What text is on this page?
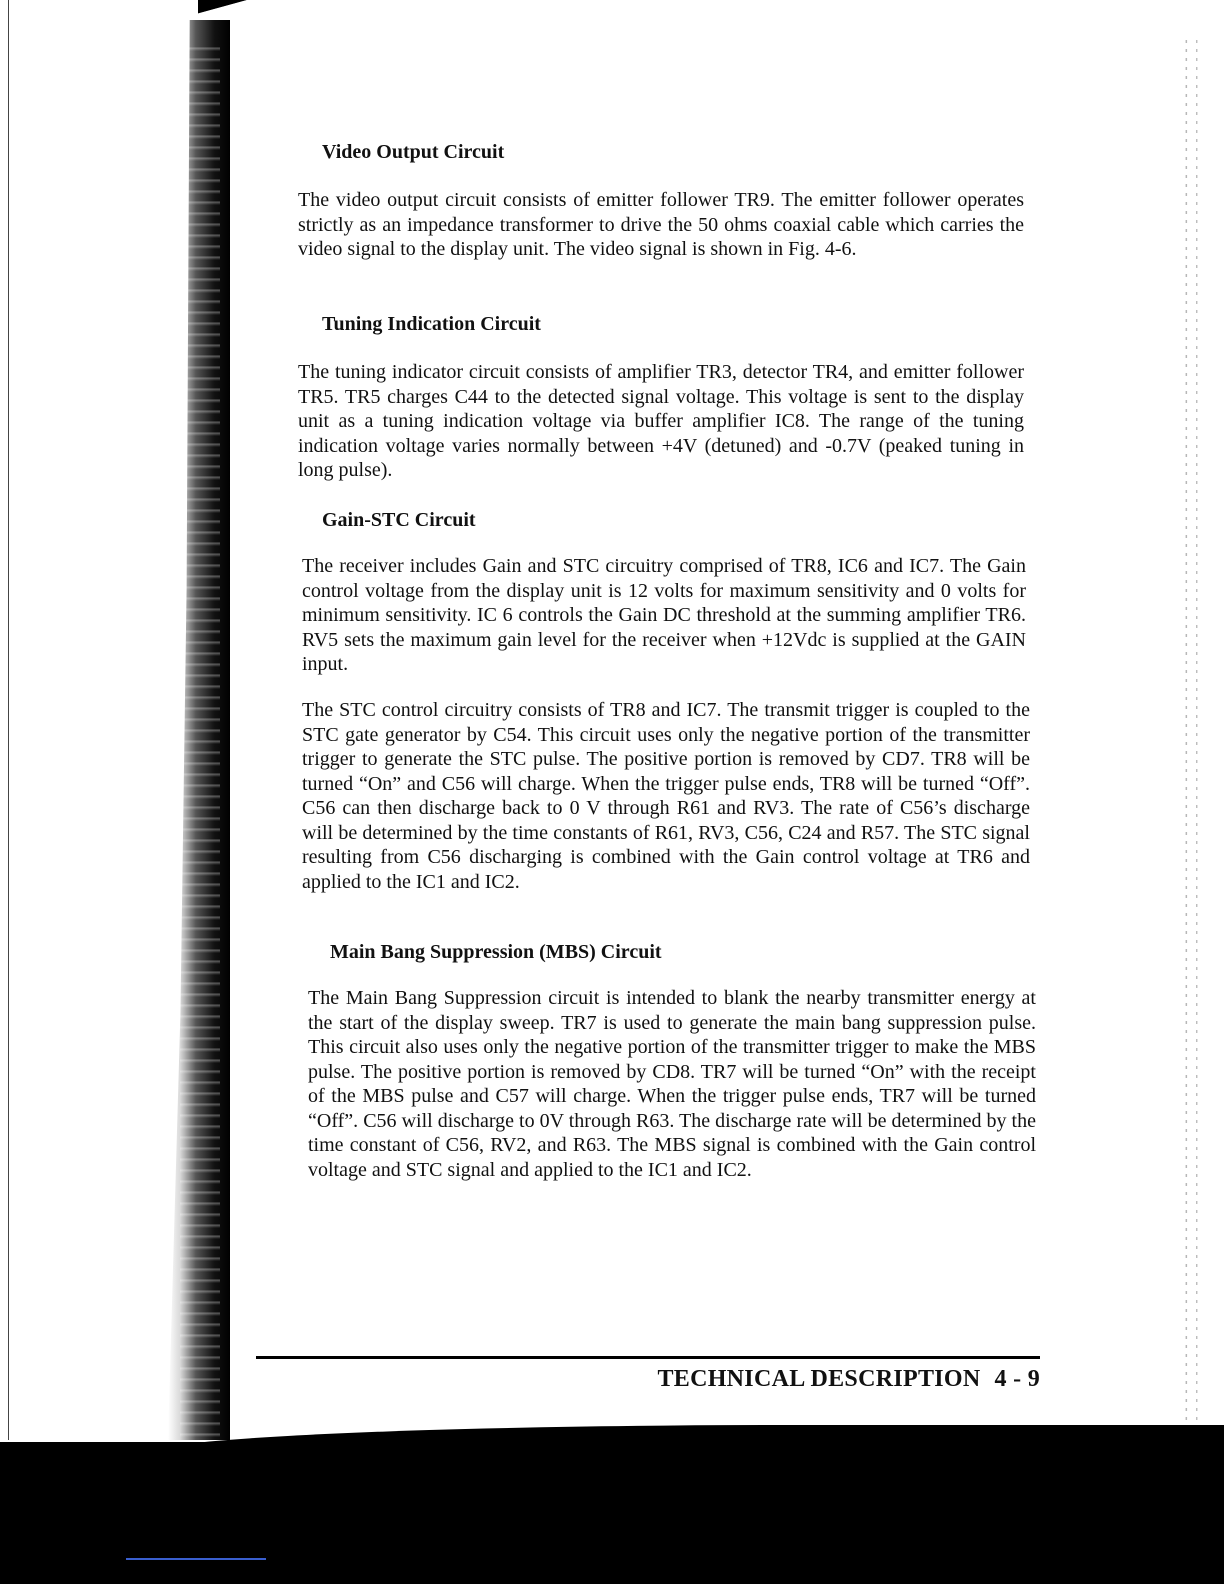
Video Output Circuit

The video output circuit consists of emitter follower TR9. The emitter follower operates strictly as an impedance transformer to drive the 50 ohms coaxial cable which carries the video signal to the display unit. The video signal is shown in Fig. 4-6.

Tuning Indication Circuit

The tuning indicator circuit consists of amplifier TR3, detector TR4, and emitter follower TR5. TR5 charges C44 to the detected signal voltage. This voltage is sent to the display unit as a tuning indication voltage via buffer amplifier IC8. The range of the tuning indication voltage varies normally between +4V (detuned) and -0.7V (peaked tuning in long pulse).

Gain-STC Circuit

The receiver includes Gain and STC circuitry comprised of TR8, IC6 and IC7. The Gain control voltage from the display unit is 12 volts for maximum sensitivity and 0 volts for minimum sensitivity. IC 6 controls the Gain DC threshold at the summing amplifier TR6. RV5 sets the maximum gain level for the receiver when +12Vdc is supplied at the GAIN input.

The STC control circuitry consists of TR8 and IC7. The transmit trigger is coupled to the STC gate generator by C54. This circuit uses only the negative portion of the transmitter trigger to generate the STC pulse. The positive portion is removed by CD7. TR8 will be turned “On” and C56 will charge. When the trigger pulse ends, TR8 will be turned “Off”. C56 can then discharge back to 0 V through R61 and RV3. The rate of C56’s discharge will be determined by the time constants of R61, RV3, C56, C24 and R57. The STC signal resulting from C56 discharging is combined with the Gain control voltage at TR6 and applied to the IC1 and IC2.

Main Bang Suppression (MBS) Circuit

The Main Bang Suppression circuit is intended to blank the nearby transmitter energy at the start of the display sweep. TR7 is used to generate the main bang suppression pulse. This circuit also uses only the negative portion of the transmitter trigger to make the MBS pulse. The positive portion is removed by CD8. TR7 will be turned “On” with the receipt of the MBS pulse and C57 will charge. When the trigger pulse ends, TR7 will be turned “Off”. C56 will discharge to 0V through R63. The discharge rate will be determined by the time constant of C56, RV2, and R63. The MBS signal is combined with the Gain control voltage and STC signal and applied to the IC1 and IC2.

TECHNICAL DESCRIPTION 4 - 9
